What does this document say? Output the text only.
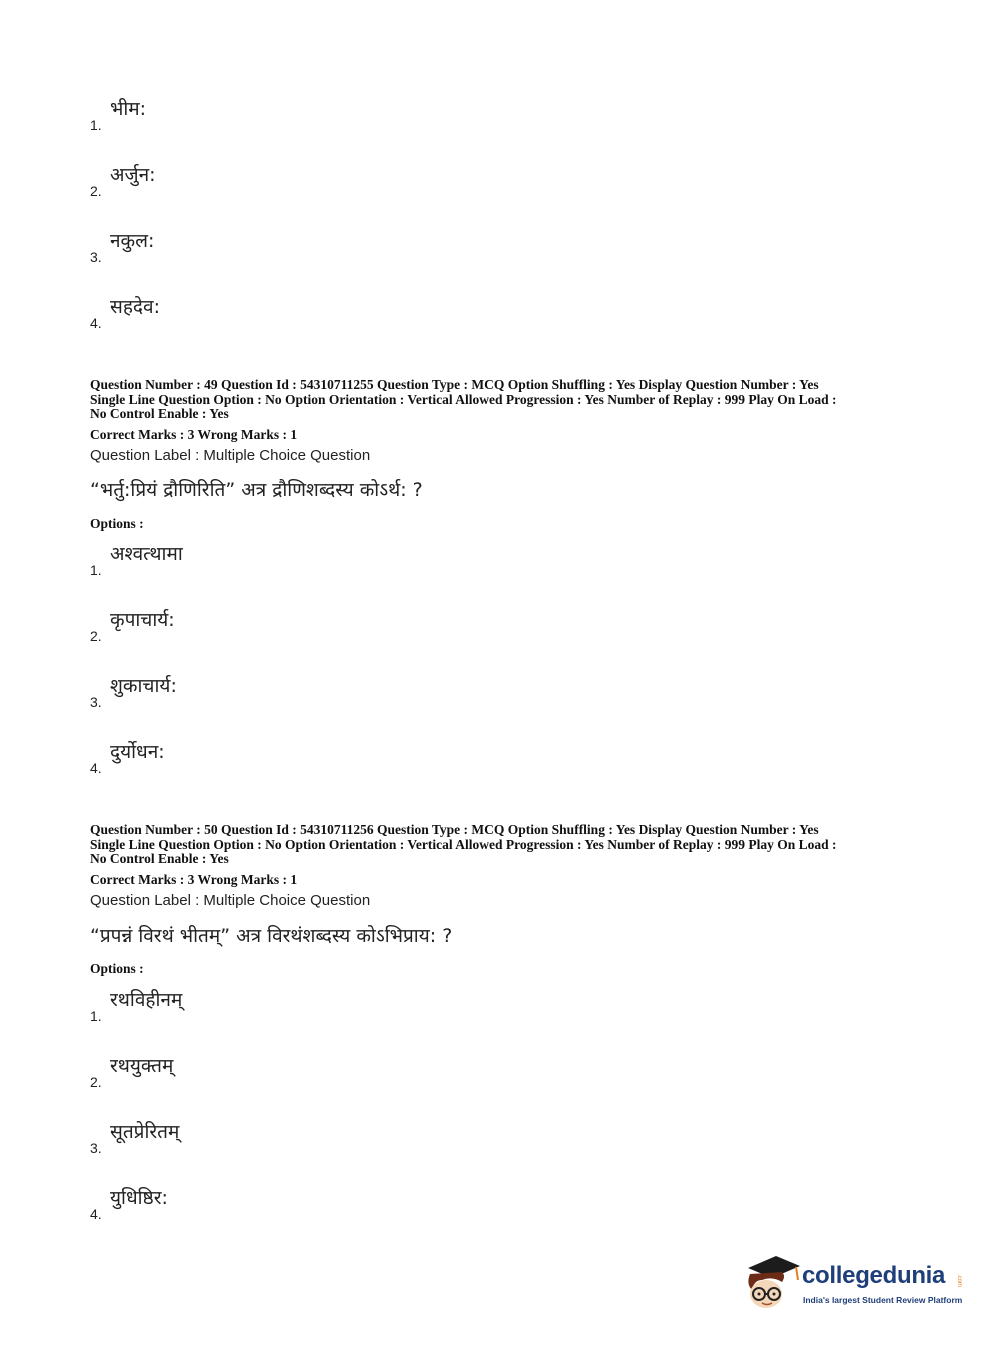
1.
भीम:
2.
अर्जुन:
3.
नकुल:
4.
सहदेव:
Question Number : 49 Question Id : 54310711255 Question Type : MCQ Option Shuffling : Yes Display Question Number : Yes
Single Line Question Option : No Option Orientation : Vertical Allowed Progression : Yes Number of Replay : 999 Play On Load :
No Control Enable : Yes
Correct Marks : 3 Wrong Marks : 1
Question Label : Multiple Choice Question
“भर्तु:प्रियं द्रौणिरिति” अत्र द्रौणिशब्दस्य कोऽर्थ: ?
Options :
1.
अश्वत्थामा
2.
कृपाचार्य:
3.
शुकाचार्य:
4.
दुर्योधन:
Question Number : 50 Question Id : 54310711256 Question Type : MCQ Option Shuffling : Yes Display Question Number : Yes
Single Line Question Option : No Option Orientation : Vertical Allowed Progression : Yes Number of Replay : 999 Play On Load :
No Control Enable : Yes
Correct Marks : 3 Wrong Marks : 1
Question Label : Multiple Choice Question
“प्रपन्नं विरथं भीतम्” अत्र विरथंशब्दस्य कोऽभिप्राय: ?
Options :
1.
रथविहीनम्
2.
रथयुक्तम्
3.
सूतप्रेरितम्
4.
युधिष्ठिर:
collegedunia .com
India's largest Student Review Platform
